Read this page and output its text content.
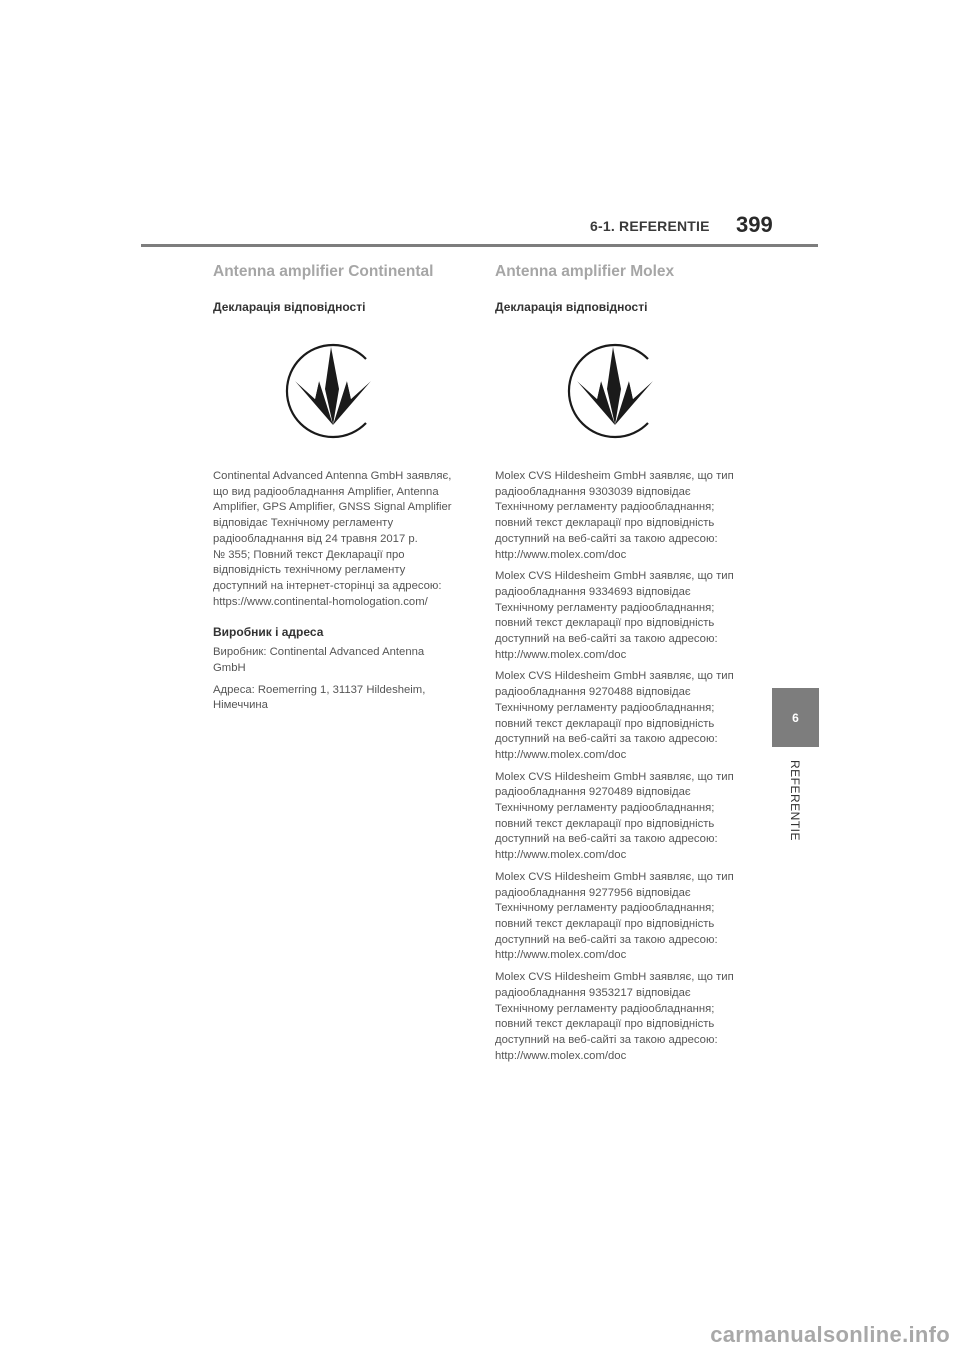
6-1. REFERENTIE 399
Antenna amplifier Continental
Декларація відповідності

Continental Advanced Antenna GmbH заявляє,
що вид радіообладнання Amplifier, Antenna
Amplifier, GPS Amplifier, GNSS Signal Amplifier
відповідає Технічному регламенту
радіообладнання від 24 травня 2017 р.
№ 355; Повний текст Декларації про
відповідність технічному регламенту
доступний на інтернет-сторінці за адресою:
https://www.continental-homologation.com/

Виробник і адреса

Виробник: Continental Advanced Antenna
GmbH

Адреса: Roemerring 1, 31137 Hildesheim,
Німеччина

Antenna amplifier Molex
Декларація відповідності

Molex CVS Hildesheim GmbH заявляє, що тип
радіообладнання 9303039 відповідає
Технічному регламенту радіообладнання;
повний текст декларації про відповідність
доступний на веб-сайті за такою адресою:
http://www.molex.com/doc

Molex CVS Hildesheim GmbH заявляє, що тип
радіообладнання 9334693 відповідає
Технічному регламенту радіообладнання;
повний текст декларації про відповідність
доступний на веб-сайті за такою адресою:
http://www.molex.com/doc

Molex CVS Hildesheim GmbH заявляє, що тип
радіообладнання 9270488 відповідає
Технічному регламенту радіообладнання;
повний текст декларації про відповідність
доступний на веб-сайті за такою адресою:
http://www.molex.com/doc

Molex CVS Hildesheim GmbH заявляє, що тип
радіообладнання 9270489 відповідає
Технічному регламенту радіообладнання;
повний текст декларації про відповідність
доступний на веб-сайті за такою адресою:
http://www.molex.com/doc

Molex CVS Hildesheim GmbH заявляє, що тип
радіообладнання 9277956 відповідає
Технічному регламенту радіообладнання;
повний текст декларації про відповідність
доступний на веб-сайті за такою адресою:
http://www.molex.com/doc

Molex CVS Hildesheim GmbH заявляє, що тип
радіообладнання 9353217 відповідає
Технічному регламенту радіообладнання;
повний текст декларації про відповідність
доступний на веб-сайті за такою адресою:
http://www.molex.com/doc

6
REFERENTIE
carmanualsonline.info
